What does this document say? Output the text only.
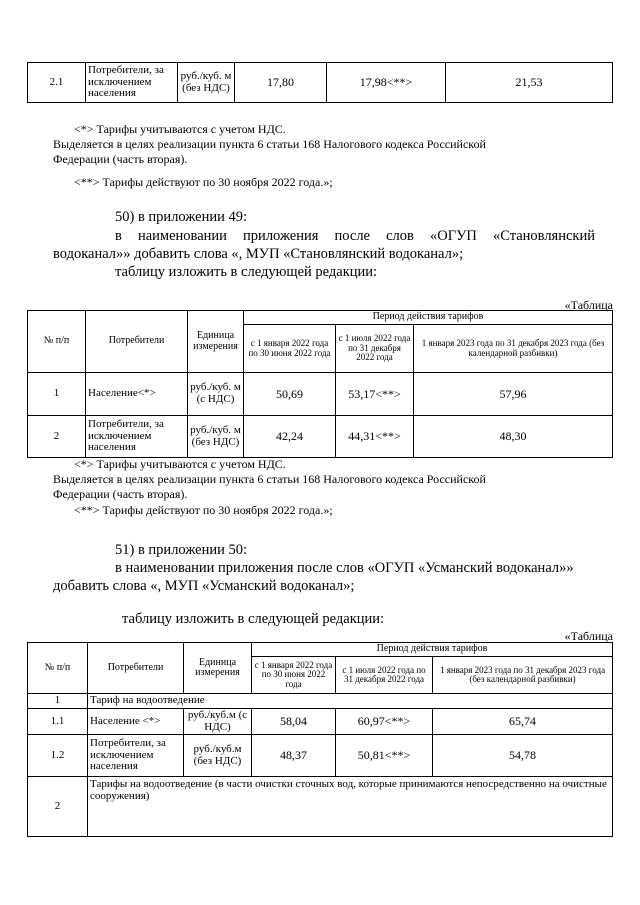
2.1	Потребители, за исключением населения	руб./куб. м (без НДС)	17,80	17,98<**>	21,53
<*> Тарифы учитываются с учетом НДС.
Выделяется в целях реализации пункта 6 статьи 168 Налогового кодекса Российской
Федерации (часть вторая).
<**> Тарифы действуют по 30 ноября 2022 года.»;
50) в приложении 49:
в наименовании приложения после слов «ОГУП «Становлянский
водоканал»» добавить слова «, МУП «Становлянский водоканал»;
таблицу изложить в следующей редакции:
«Таблица
№ п/п	Потребители	Единица измерения	Период действия тарифов		
			с 1 января 2022 года по 30 июня 2022 года	с 1 июля 2022 года по 31 декабря 2022 года	1 января 2023 года по 31 декабря 2023 года (без календарной разбивки)
1	Население<*>	руб./куб. м (с НДС)	50,69	53,17<**>	57,96
2	Потребители, за исключением населения	руб./куб. м (без НДС)	42,24	44,31<**>	48,30
<*> Тарифы учитываются с учетом НДС.
Выделяется в целях реализации пункта 6 статьи 168 Налогового кодекса Российской
Федерации (часть вторая).
<**> Тарифы действуют по 30 ноября 2022 года.»;
51) в приложении 50:
в наименовании приложения после слов «ОГУП «Усманский водоканал»»
добавить слова «, МУП «Усманский водоканал»;
таблицу изложить в следующей редакции:
«Таблица
№ п/п	Потребители	Единица измерения	Период действия тарифов		
			с 1 января 2022 года по 30 июня 2022 года	с 1 июля 2022 года по 31 декабря 2022 года	1 января 2023 года по 31 декабря 2023 года (без календарной разбивки)
1	Тариф на водоотведение				
1.1	Население <*>	руб./куб.м (с НДС)	58,04	60,97<**>	65,74
1.2	Потребители, за исключением населения	руб./куб.м (без НДС)	48,37	50,81<**>	54,78
2	Тарифы на водоотведение (в части очистки сточных вод, которые принимаются непосредственно на очистные сооружения)				
